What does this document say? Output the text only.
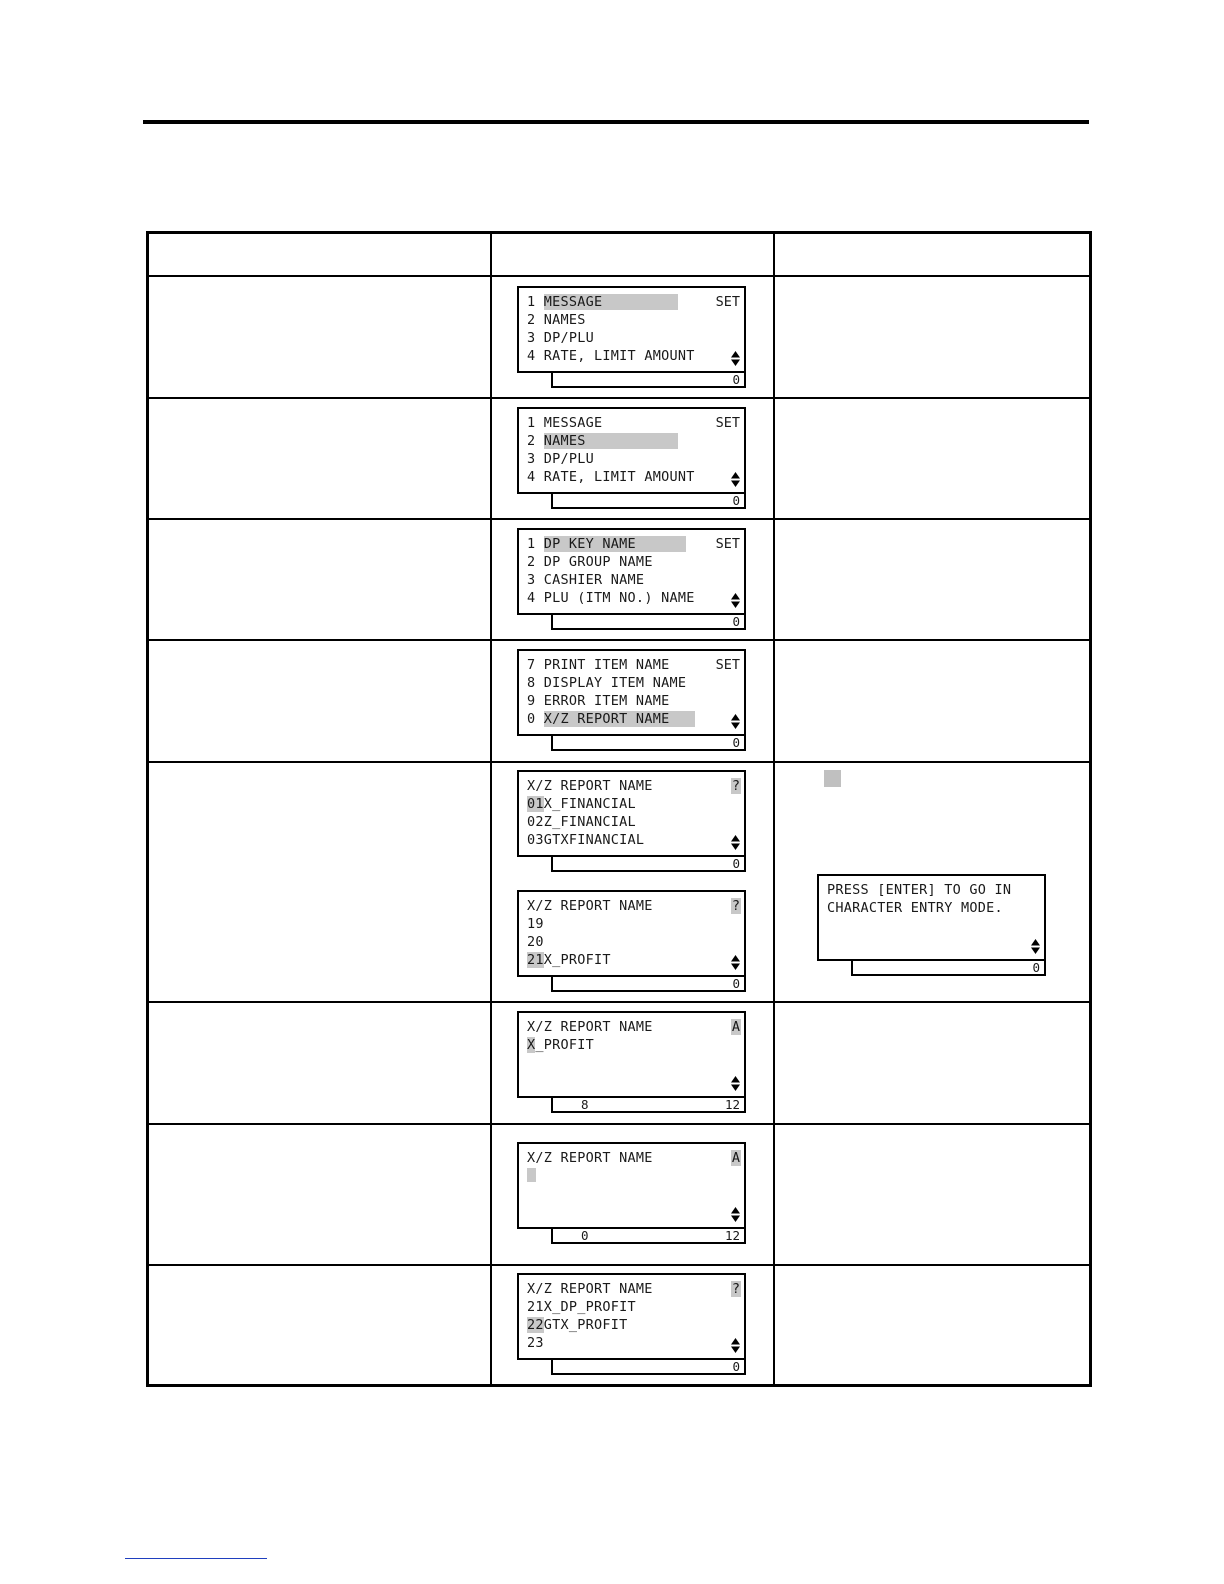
1 MESSAGE
2 NAMES
3 DP/PLU
4 RATE, LIMIT AMOUNT
SET
0
1 MESSAGE
2 NAMES
3 DP/PLU
4 RATE, LIMIT AMOUNT
SET
0
1 DP KEY NAME
2 DP GROUP NAME
3 CASHIER NAME
4 PLU (ITM NO.) NAME
SET
0
7 PRINT ITEM NAME
8 DISPLAY ITEM NAME
9 ERROR ITEM NAME
0 X/Z REPORT NAME
SET
0
X/Z REPORT NAME
01X_FINANCIAL
02Z_FINANCIAL
03GTXFINANCIAL
?
0
X/Z REPORT NAME
19
20
21X_PROFIT
?
0
PRESS [ENTER] TO GO IN
CHARACTER ENTRY MODE.
0
X/Z REPORT NAME
X_PROFIT
A
8	12
X/Z REPORT NAME	A
0	12
X/Z REPORT NAME
21X_DP_PROFIT
22GTX_PROFIT
23
?
0
